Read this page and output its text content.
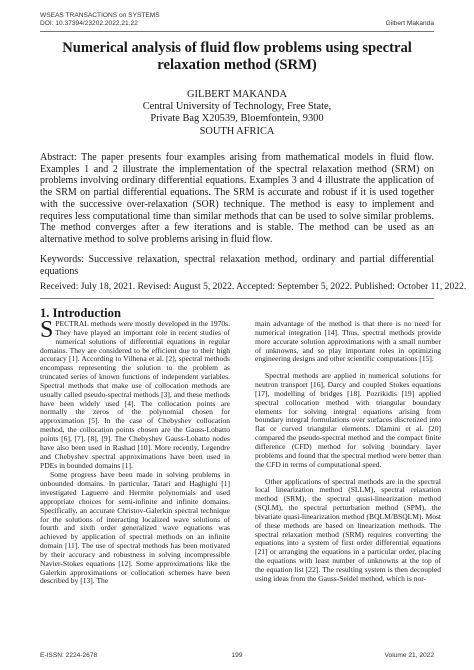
WSEAS TRANSACTIONS on SYSTEMS
DOI: 10.37394/23202.2022.21.22	Gilbert Makanda
Numerical analysis of fluid flow problems using spectral relaxation method (SRM)
GILBERT MAKANDA
Central University of Technology, Free State,
Private Bag X20539, Bloemfontein, 9300
SOUTH AFRICA
Abstract: The paper presents four examples arising from mathematical models in fluid flow. Examples 1 and 2 illustrate the implementation of the spectral relaxation method (SRM) on problems involving ordinary differential equations. Examples 3 and 4 illustrate the application of the SRM on partial differential equations. The SRM is accurate and robust if it is used together with the successive over-relaxation (SOR) technique. The method is easy to implement and requires less computational time than similar methods that can be used to solve similar problems. The method converges after a few iterations and is stable. The method can be used as an alternative method to solve problems arising in fluid flow.
Keywords: Successive relaxation, spectral relaxation method, ordinary and partial differential equations
Received: July 18, 2021. Revised: August 5, 2022. Accepted: September 5, 2022. Published: October 11, 2022.
1. Introduction

SPECTRAL methods were mostly developed in the 1970s. They have played an important role in recent studies of numerical solutions of differential equations in regular domains. They are considered to be efficient due to their high accuracy [1]. According to Vilhena et al. [2], spectral methods encompass representing the solution to the problem as truncated series of known functions of independent variables. Spectral methods that make use of collocation methods are usually called pseudo-spectral methods [3], and these methods have been widely used [4]. The collocation points are normally the zeros of the polynomial chosen for approximation [5]. In the case of Chebyshev collocation method, the collocation points chosen are the Gauss-Lobatto points [6], [7], [8], [9]. The Chebyshev Gauss-Lobatto nodes have also been used in Rashad [10]. More recently, Legendre and Chebyshev spectral approximations have been used in PDEs in bounded domains [1].

Some progress have been made in solving problems in unbounded domains. In particular, Tatari and Haghighi [1] investigated Laguerre and Hermite polynomials and used appropriate choices for semi-infinite and infinite domains. Specifically, an accurate Christov-Galerkin spectral technique for the solutions of interacting localized wave solutions of fourth and sixth order generalized wave equations was achieved by application of spectral methods on an infinite domain [11]. The use of spectral methods has been motivated by their accuracy and robustness in solving incompressible Navier-Stokes equations [12]. Some approximations like the Galerkin approximations or collocation schemes have been described by [13]. The

main advantage of the method is that there is no need for numerical integration [14]. Thus, spectral methods provide more accurate solution approximations with a small number of unknowns, and so play important roles in optimizing engineering designs and other scientific computations [15].

Spectral methods are applied in numerical solutions for neutron transport [16], Darcy and coupled Stokes equations [17], modelling of bridges [18]. Pozrikidis [19] applied spectral collocation method with triangular boundary elements for solving integral equations arising from boundary integral formulations over surfaces discretized into flat or curved triangular elements. Dlamini et al. [20] compared the pseudo-spectral method and the compact finite difference (CFD) method for solving boundary layer problems and found that the spectral method were better than the CFD in terms of computational speed.

Other applications of spectral methods are in the spectral local linearization method (SLLM), spectral relaxation method (SRM), the spectral quasi-linearization method (SQLM), the spectral perturbation method (SPM), the bivariate quasi-linearization method (BQLM/BSQLM). Most of these methods are based on linearization methods. The spectral relaxation method (SRM) requires converting the equations into a system of first order differential equations [21] or arranging the equations in a particular order, placing the equations with least number of unknowns at the top of the equation list [22]. The resulting system is then decoupled using ideas from the Gauss-Seidel method, which is nor-

E-ISSN: 2224-2678	199	Volume 21, 2022
